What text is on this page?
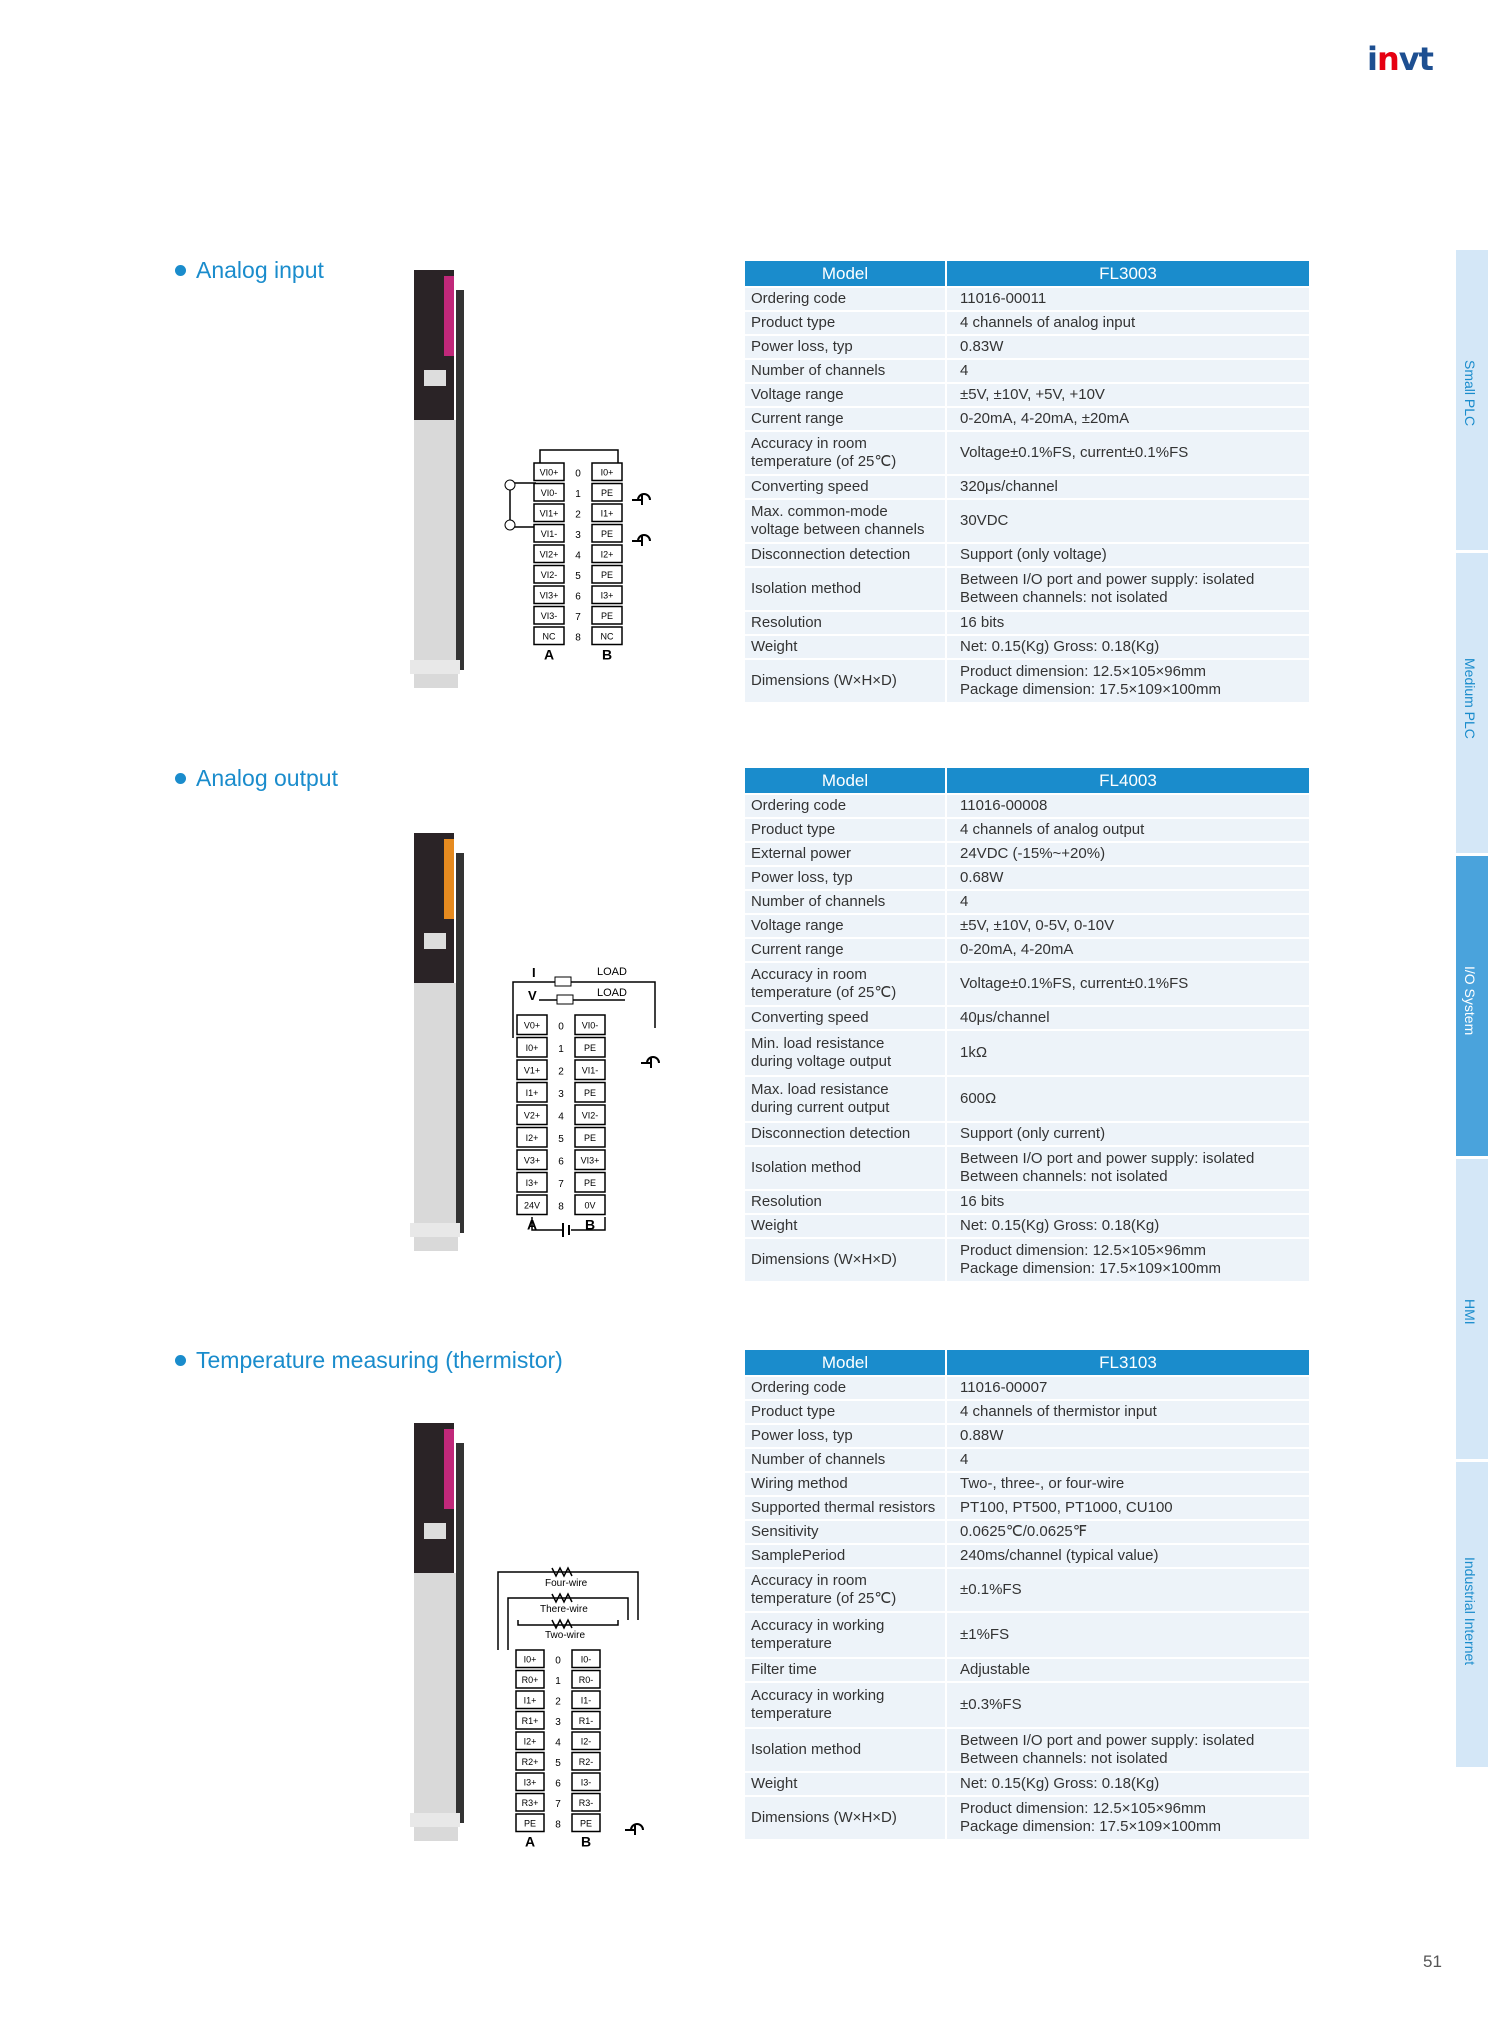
invt
Small PLC
Medium PLC
I/O System
HMI
Industrial Internet
Analog input
Analog output
Temperature measuring (thermistor)
VI0+ 0 I0+
VI0- 1 PE
VI1+ 2 I1+
VI1- 3 PE
VI2+ 4 I2+
VI2- 5 PE
VI3+ 6 I3+
VI3- 7 PE
NC 8 NC
A	B
I
V
LOAD
LOAD
V0+ 0 VI0-
I0+ 1 PE
V1+ 2 VI1-
I1+ 3 PE
V2+ 4 VI2-
I2+ 5 PE
V3+ 6 VI3+
I3+ 7 PE
24V 8 0V
A	B
Four-wire
There-wire
Two-wire
I0+ 0 I0-
R0+ 1 R0-
I1+ 2 I1-
R1+ 3 R1-
I2+ 4 I2-
R2+ 5 R2-
I3+ 6 I3-
R3+ 7 R3-
PE 8 PE
A	B
Model	FL3003
Ordering code	11016-00011
Product type	4 channels of analog input
Power loss, typ	0.83W
Number of channels	4
Voltage range	±5V, ±10V, +5V, +10V
Current range	0-20mA, 4-20mA, ±20mA
Accuracy in room
temperature (of 25℃)	Voltage±0.1%FS, current±0.1%FS
Converting speed	320μs/channel
Max. common-mode
voltage between channels	30VDC
Disconnection detection	Support (only voltage)
Isolation method	Between I/O port and power supply: isolated
Between channels: not isolated
Resolution	16 bits
Weight	Net: 0.15(Kg) Gross: 0.18(Kg)
Dimensions (W×H×D)	Product dimension: 12.5×105×96mm
Package dimension: 17.5×109×100mm
Model	FL4003
Ordering code	11016-00008
Product type	4 channels of analog output
External power	24VDC (-15%~+20%)
Power loss, typ	0.68W
Number of channels	4
Voltage range	±5V, ±10V, 0-5V, 0-10V
Current range	0-20mA, 4-20mA
Accuracy in room
temperature (of 25℃)	Voltage±0.1%FS, current±0.1%FS
Converting speed	40μs/channel
Min. load resistance
during voltage output	1kΩ
Max. load resistance
during current output	600Ω
Disconnection detection	Support (only current)
Isolation method	Between I/O port and power supply: isolated
Between channels: not isolated
Resolution	16 bits
Weight	Net: 0.15(Kg) Gross: 0.18(Kg)
Dimensions (W×H×D)	Product dimension: 12.5×105×96mm
Package dimension: 17.5×109×100mm
Model	FL3103
Ordering code	11016-00007
Product type	4 channels of thermistor input
Power loss, typ	0.88W
Number of channels	4
Wiring method	Two-, three-, or four-wire
Supported thermal resistors	PT100, PT500, PT1000, CU100
Sensitivity	0.0625℃/0.0625℉
SamplePeriod	240ms/channel (typical value)
Accuracy in room
temperature (of 25℃)	±0.1%FS
Accuracy in working
temperature	±1%FS
Filter time	Adjustable
Accuracy in working
temperature	±0.3%FS
Isolation method	Between I/O port and power supply: isolated
Between channels: not isolated
Weight	Net: 0.15(Kg) Gross: 0.18(Kg)
Dimensions (W×H×D)	Product dimension: 12.5×105×96mm
Package dimension: 17.5×109×100mm
51
